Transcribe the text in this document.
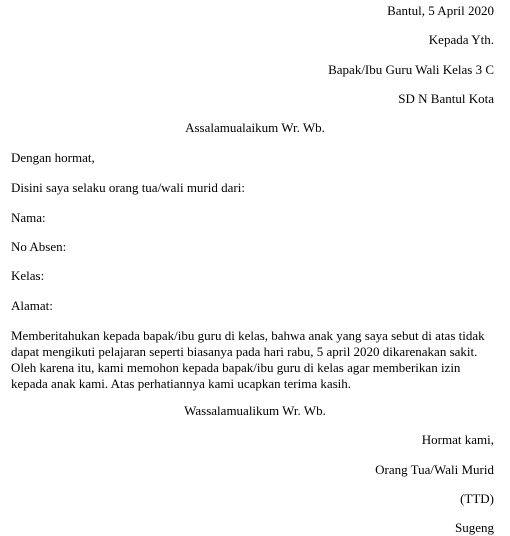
Bantul, 5 April 2020
Kepada Yth.
Bapak/Ibu Guru Wali Kelas 3 C
SD N Bantul Kota
Assalamualaikum Wr. Wb.
Dengan hormat,
Disini saya selaku orang tua/wali murid dari:
Nama:
No Absen:
Kelas:
Alamat:
Memberitahukan kepada bapak/ibu guru di kelas, bahwa anak yang saya sebut di atas tidak
dapat mengikuti pelajaran seperti biasanya pada hari rabu, 5 april 2020 dikarenakan sakit.
Oleh karena itu, kami memohon kepada bapak/ibu guru di kelas agar memberikan izin
kepada anak kami. Atas perhatiannya kami ucapkan terima kasih.
Wassalamualikum Wr. Wb.
Hormat kami,
Orang Tua/Wali Murid
(TTD)
Sugeng
